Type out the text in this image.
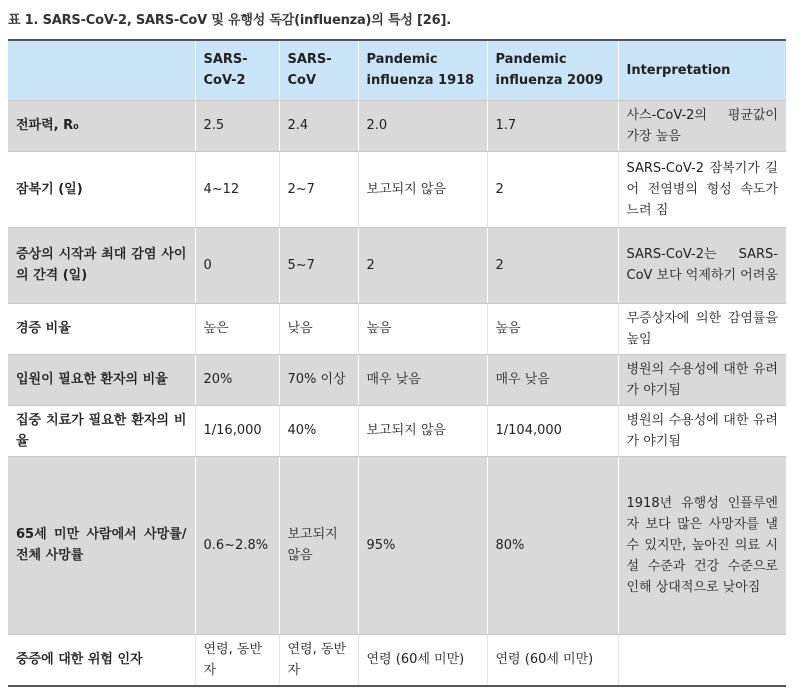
표 1. SARS-CoV-2, SARS-CoV 및 유행성 독감(influenza)의 특성 [26].
	SARS-CoV-2	SARS-CoV	Pandemic influenza 1918	Pandemic influenza 2009	Interpretation
전파력, R₀	2.5	2.4	2.0	1.7	사스-CoV-2의 평균값이 가장 높음
잠복기 (일)	4~12	2~7	보고되지 않음	2	SARS-CoV-2 잠복기가 길어 전염병의 형성 속도가 느려 짐
증상의 시작과 최대 감염 사이의 간격 (일)	0	5~7	2	2	SARS-CoV-2는 SARS-CoV 보다 억제하기 어려움
경증 비율	높은	낮음	높음	높음	무증상자에 의한 감염률을 높임
입원이 필요한 환자의 비율	20%	70% 이상	매우 낮음	매우 낮음	병원의 수용성에 대한 유려가 야기됨
집중 치료가 필요한 환자의 비율	1/16,000	40%	보고되지 않음	1/104,000	병원의 수용성에 대한 유려가 야기됨
65세 미만 사람에서 사망률/전체 사망률	0.6~2.8%	보고되지 않음	95%	80%	1918년 유행성 인플루엔자 보다 많은 사망자를 낼 수 있지만, 높아진 의료 시설 수준과 건강 수준으로 인해 상대적으로 낮아짐
중증에 대한 위험 인자	연령, 동반자	연령, 동반자	연령 (60세 미만)	연령 (60세 미만)	
